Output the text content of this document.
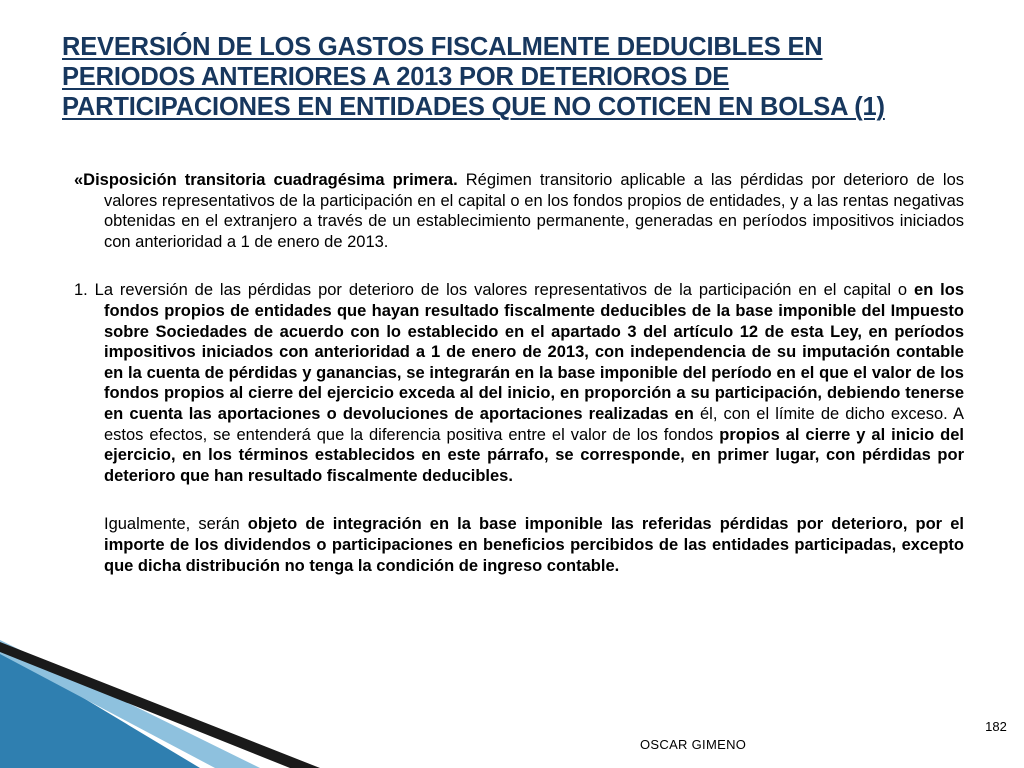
REVERSIÓN DE LOS GASTOS FISCALMENTE DEDUCIBLES EN PERIODOS ANTERIORES A 2013 POR DETERIOROS DE PARTICIPACIONES EN ENTIDADES QUE NO COTICEN EN BOLSA (1)

«Disposición transitoria cuadragésima primera. Régimen transitorio aplicable a las pérdidas por deterioro de los valores representativos de la participación en el capital o en los fondos propios de entidades, y a las rentas negativas obtenidas en el extranjero a través de un establecimiento permanente, generadas en períodos impositivos iniciados con anterioridad a 1 de enero de 2013.

1. La reversión de las pérdidas por deterioro de los valores representativos de la participación en el capital o en los fondos propios de entidades que hayan resultado fiscalmente deducibles de la base imponible del Impuesto sobre Sociedades de acuerdo con lo establecido en el apartado 3 del artículo 12 de esta Ley, en períodos impositivos iniciados con anterioridad a 1 de enero de 2013, con independencia de su imputación contable en la cuenta de pérdidas y ganancias, se integrarán en la base imponible del período en el que el valor de los fondos propios al cierre del ejercicio exceda al del inicio, en proporción a su participación, debiendo tenerse en cuenta las aportaciones o devoluciones de aportaciones realizadas en él, con el límite de dicho exceso. A estos efectos, se entenderá que la diferencia positiva entre el valor de los fondos propios al cierre y al inicio del ejercicio, en los términos establecidos en este párrafo, se corresponde, en primer lugar, con pérdidas por deterioro que han resultado fiscalmente deducibles.

Igualmente, serán objeto de integración en la base imponible las referidas pérdidas por deterioro, por el importe de los dividendos o participaciones en beneficios percibidos de las entidades participadas, excepto que dicha distribución no tenga la condición de ingreso contable.

OSCAR GIMENO
182
